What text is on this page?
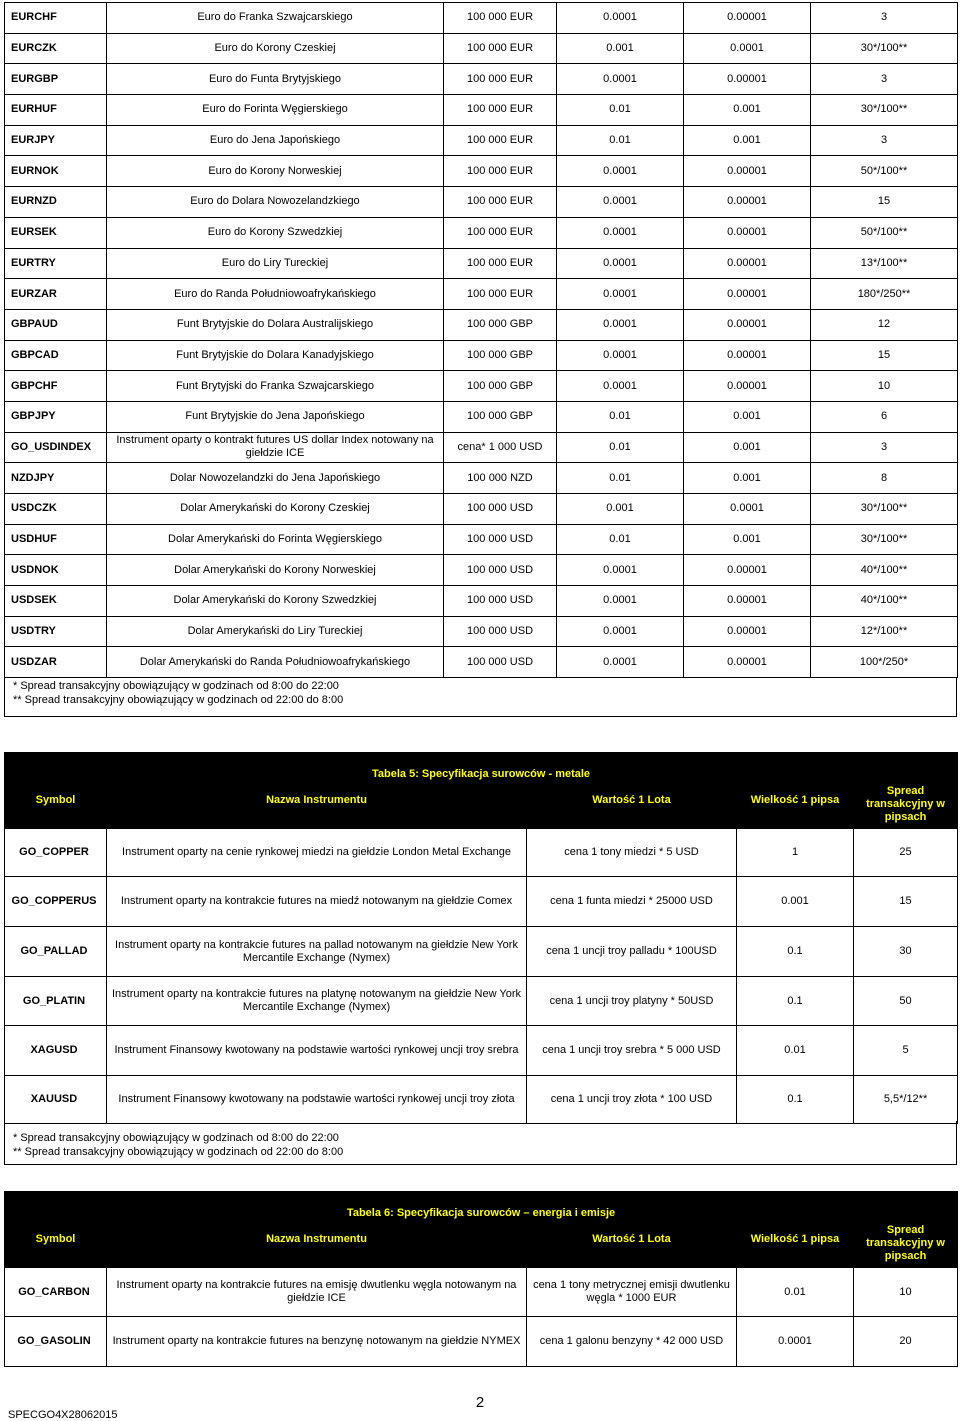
EURCHF	Euro do Franka Szwajcarskiego	100 000 EUR	0.0001	0.00001	3
EURCZK	Euro do Korony Czeskiej	100 000 EUR	0.001	0.0001	30*/100**
EURGBP	Euro do Funta Brytyjskiego	100 000 EUR	0.0001	0.00001	3
EURHUF	Euro do Forinta Węgierskiego	100 000 EUR	0.01	0.001	30*/100**
EURJPY	Euro do Jena Japońskiego	100 000 EUR	0.01	0.001	3
EURNOK	Euro do Korony Norweskiej	100 000 EUR	0.0001	0.00001	50*/100**
EURNZD	Euro do Dolara Nowozelandzkiego	100 000 EUR	0.0001	0.00001	15
EURSEK	Euro do Korony Szwedzkiej	100 000 EUR	0.0001	0.00001	50*/100**
EURTRY	Euro do Liry Tureckiej	100 000 EUR	0.0001	0.00001	13*/100**
EURZAR	Euro do Randa Południowoafrykańskiego	100 000 EUR	0.0001	0.00001	180*/250**
GBPAUD	Funt Brytyjskie do Dolara Australijskiego	100 000 GBP	0.0001	0.00001	12
GBPCAD	Funt Brytyjskie do Dolara Kanadyjskiego	100 000 GBP	0.0001	0.00001	15
GBPCHF	Funt Brytyjski do Franka Szwajcarskiego	100 000 GBP	0.0001	0.00001	10
GBPJPY	Funt Brytyjskie do Jena Japońskiego	100 000 GBP	0.01	0.001	6
GO_USDINDEX	Instrument oparty o kontrakt futures US dollar Index notowany na giełdzie ICE	cena* 1 000 USD	0.01	0.001	3
NZDJPY	Dolar Nowozelandzki do Jena Japońskiego	100 000 NZD	0.01	0.001	8
USDCZK	Dolar Amerykański do Korony Czeskiej	100 000 USD	0.001	0.0001	30*/100**
USDHUF	Dolar Amerykański do Forinta Węgierskiego	100 000 USD	0.01	0.001	30*/100**
USDNOK	Dolar Amerykański do Korony Norweskiej	100 000 USD	0.0001	0.00001	40*/100**
USDSEK	Dolar Amerykański do Korony Szwedzkiej	100 000 USD	0.0001	0.00001	40*/100**
USDTRY	Dolar Amerykański do Liry Tureckiej	100 000 USD	0.0001	0.00001	12*/100**
USDZAR	Dolar Amerykański do Randa Południowoafrykańskiego	100 000 USD	0.0001	0.00001	100*/250*
* Spread transakcyjny obowiązujący w godzinach od 8:00 do 22:00
** Spread transakcyjny obowiązujący w godzinach od 22:00 do 8:00
Tabela 5: Specyfikacja surowców - metale				
Symbol	Nazwa Instrumentu	Wartość 1 Lota	Wielkość 1 pipsa	Spread transakcyjny w pipsach
GO_COPPER	Instrument oparty na cenie rynkowej miedzi na giełdzie London Metal Exchange	cena 1 tony miedzi * 5 USD	1	25
GO_COPPERUS	Instrument oparty na kontrakcie futures na miedź notowanym na giełdzie Comex	cena 1 funta miedzi * 25000 USD	0.001	15
GO_PALLAD	Instrument oparty na kontrakcie futures na pallad notowanym na giełdzie New York Mercantile Exchange (Nymex)	cena 1 uncji troy palladu * 100USD	0.1	30
GO_PLATIN	Instrument oparty na kontrakcie futures na platynę notowanym na giełdzie New York Mercantile Exchange (Nymex)	cena 1 uncji troy platyny * 50USD	0.1	50
XAGUSD	Instrument Finansowy kwotowany na podstawie wartości rynkowej uncji troy srebra	cena 1 uncji troy srebra * 5 000 USD	0.01	5
XAUUSD	Instrument Finansowy kwotowany na podstawie wartości rynkowej uncji troy złota	cena 1 uncji troy złota * 100 USD	0.1	5,5*/12**
* Spread transakcyjny obowiązujący w godzinach od 8:00 do 22:00
** Spread transakcyjny obowiązujący w godzinach od 22:00 do 8:00
Tabela 6: Specyfikacja surowców – energia i emisje				
Symbol	Nazwa Instrumentu	Wartość 1 Lota	Wielkość 1 pipsa	Spread transakcyjny w pipsach
GO_CARBON	Instrument oparty na kontrakcie futures na emisję dwutlenku węgla notowanym na giełdzie ICE	cena 1 tony metrycznej emisji dwutlenku węgla * 1000 EUR	0.01	10
GO_GASOLIN	Instrument oparty na kontrakcie futures na benzynę notowanym na giełdzie NYMEX	cena 1 galonu benzyny * 42 000 USD	0.0001	20
2
SPECGO4X28062015
